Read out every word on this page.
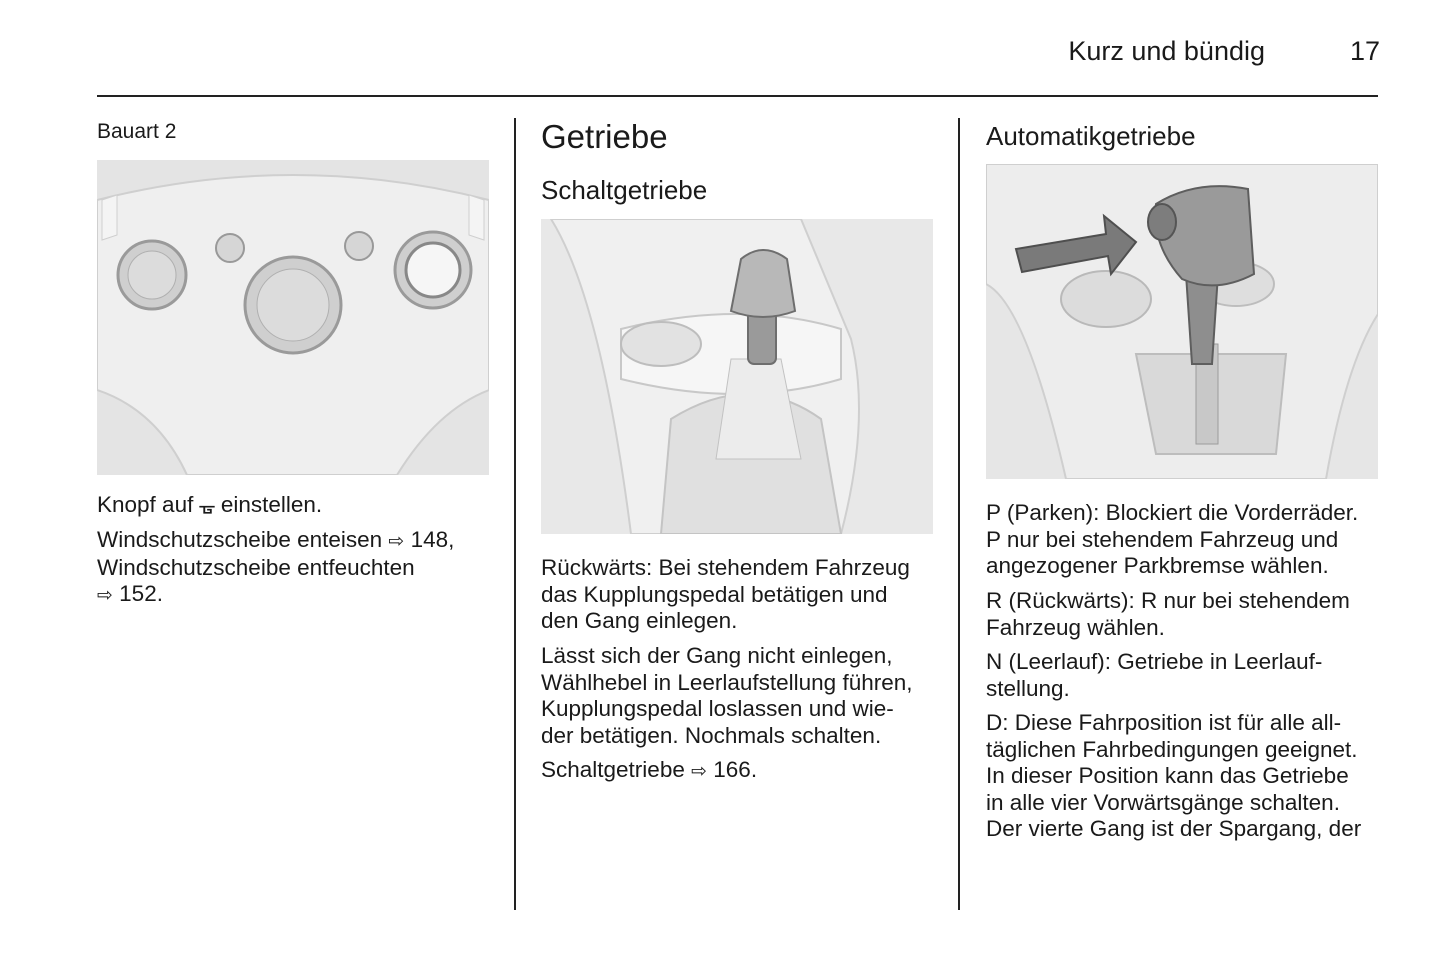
Kurz und bündig	17
Bauart 2

Knopf auf ᚗ einstellen.

Windschutzscheibe enteisen ⇨ 148,
Windschutzscheibe entfeuchten
⇨ 152.

Getriebe
Schaltgetriebe

Rückwärts: Bei stehendem Fahrzeug
das Kupplungspedal betätigen und
den Gang einlegen.

Lässt sich der Gang nicht einlegen,
Wählhebel in Leerlaufstellung führen,
Kupplungspedal loslassen und wie-
der betätigen. Nochmals schalten.

Schaltgetriebe ⇨ 166.

Automatikgetriebe

P (Parken): Blockiert die Vorderräder.
P nur bei stehendem Fahrzeug und
angezogener Parkbremse wählen.

R (Rückwärts): R nur bei stehendem
Fahrzeug wählen.

N (Leerlauf): Getriebe in Leerlauf-
stellung.

D: Diese Fahrposition ist für alle all-
täglichen Fahrbedingungen geeignet.
In dieser Position kann das Getriebe
in alle vier Vorwärtsgänge schalten.
Der vierte Gang ist der Spargang, der
